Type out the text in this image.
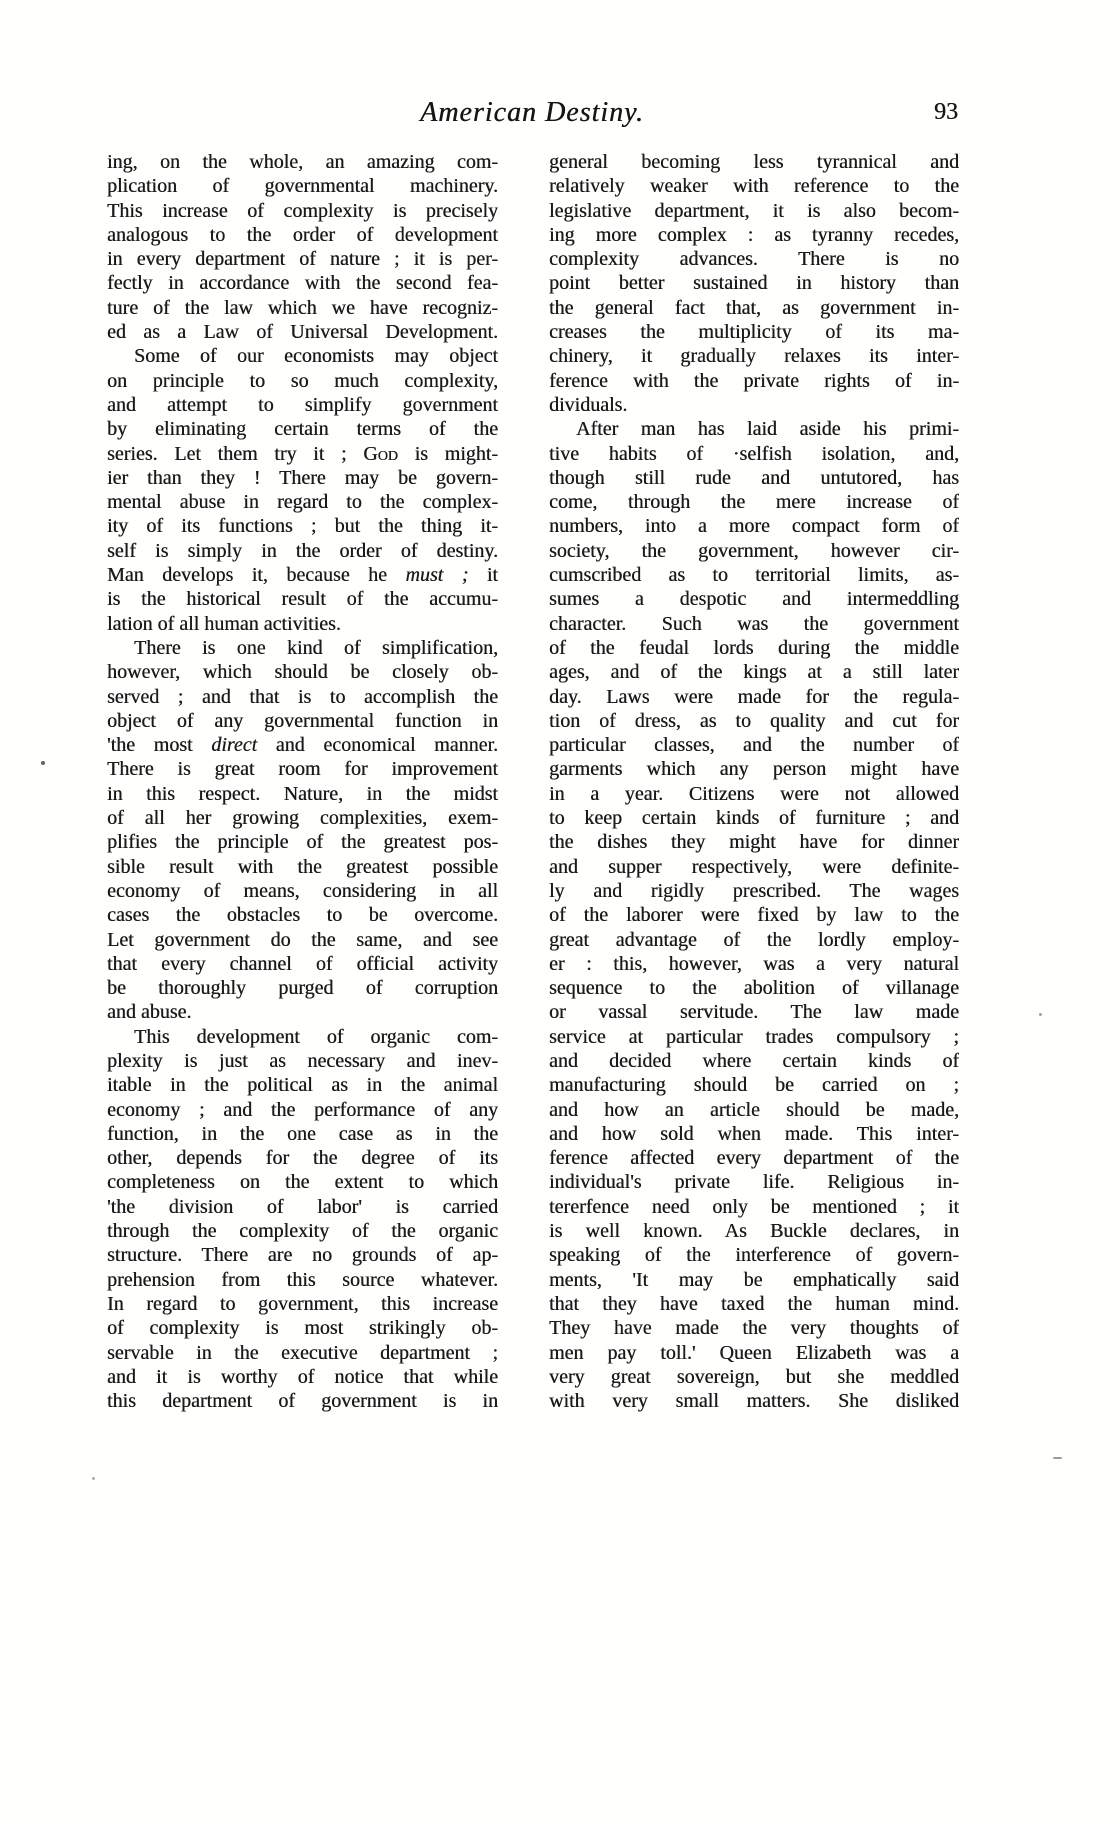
American Destiny.	93
ing, on the whole, an amazing com-
plication of governmental machinery.
This increase of complexity is precisely
analogous to the order of development
in every department of nature ; it is per-
fectly in accordance with the second fea-
ture of the law which we have recogniz-
ed as a Law of Universal Development.
Some of our economists may object
on principle to so much complexity,
and attempt to simplify government
by eliminating certain terms of the
series. Let them try it ; God is might-
ier than they ! There may be govern-
mental abuse in regard to the complex-
ity of its functions ; but the thing it-
self is simply in the order of destiny.
Man develops it, because he must ; it
is the historical result of the accumu-
lation of all human activities.
There is one kind of simplification,
however, which should be closely ob-
served ; and that is to accomplish the
object of any governmental function in
'the most direct and economical manner.
There is great room for improvement
in this respect. Nature, in the midst
of all her growing complexities, exem-
plifies the principle of the greatest pos-
sible result with the greatest possible
economy of means, considering in all
cases the obstacles to be overcome.
Let government do the same, and see
that every channel of official activity
be thoroughly purged of corruption
and abuse.
This development of organic com-
plexity is just as necessary and inev-
itable in the political as in the animal
economy ; and the performance of any
function, in the one case as in the
other, depends for the degree of its
completeness on the extent to which
'the division of labor' is carried
through the complexity of the organic
structure. There are no grounds of ap-
prehension from this source whatever.
In regard to government, this increase
of complexity is most strikingly ob-
servable in the executive department ;
and it is worthy of notice that while
this department of government is in
general becoming less tyrannical and
relatively weaker with reference to the
legislative department, it is also becom-
ing more complex : as tyranny recedes,
complexity advances. There is no
point better sustained in history than
the general fact that, as government in-
creases the multiplicity of its ma-
chinery, it gradually relaxes its inter-
ference with the private rights of in-
dividuals.
After man has laid aside his primi-
tive habits of ·selfish isolation, and,
though still rude and untutored, has
come, through the mere increase of
numbers, into a more compact form of
society, the government, however cir-
cumscribed as to territorial limits, as-
sumes a despotic and intermeddling
character. Such was the government
of the feudal lords during the middle
ages, and of the kings at a still later
day. Laws were made for the regula-
tion of dress, as to quality and cut for
particular classes, and the number of
garments which any person might have
in a year. Citizens were not allowed
to keep certain kinds of furniture ; and
the dishes they might have for dinner
and supper respectively, were definite-
ly and rigidly prescribed. The wages
of the laborer were fixed by law to the
great advantage of the lordly employ-
er : this, however, was a very natural
sequence to the abolition of villanage
or vassal servitude. The law made
service at particular trades compulsory ;
and decided where certain kinds of
manufacturing should be carried on ;
and how an article should be made,
and how sold when made. This inter-
ference affected every department of the
individual's private life. Religious in-
tererfence need only be mentioned ; it
is well known. As Buckle declares, in
speaking of the interference of govern-
ments, 'It may be emphatically said
that they have taxed the human mind.
They have made the very thoughts of
men pay toll.' Queen Elizabeth was a
very great sovereign, but she meddled
with very small matters. She disliked
